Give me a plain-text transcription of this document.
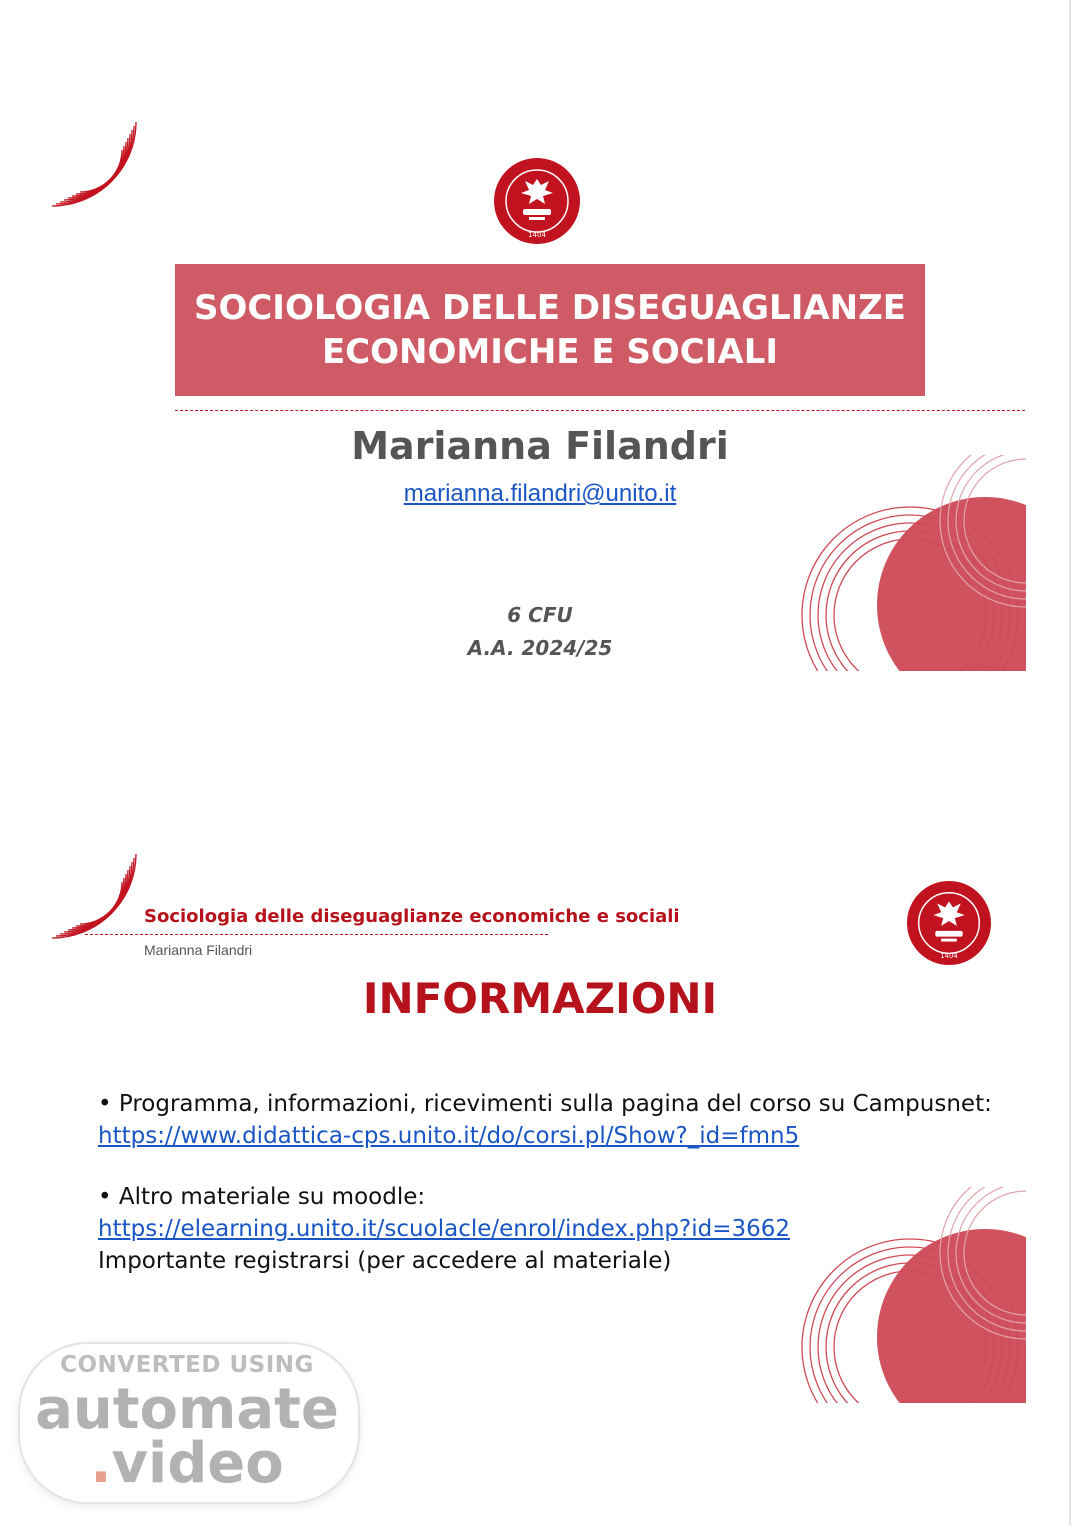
1404

SOCIOLOGIA DELLE DISEGUAGLIANZE
ECONOMICHE E SOCIALI

Marianna Filandri
marianna.filandri@unito.it
6 CFU
A.A. 2024/25
Sociologia delle diseguaglianze economiche e sociali
Marianna Filandri	1404
INFORMAZIONI
• Programma, informazioni, ricevimenti sulla pagina del corso su Campusnet:
https://www.didattica-cps.unito.it/do/corsi.pl/Show?_id=fmn5
• Altro materiale su moodle:
https://elearning.unito.it/scuolacle/enrol/index.php?id=3662
Importante registrarsi (per accedere al materiale)
CONVERTED USING
automate
.video
